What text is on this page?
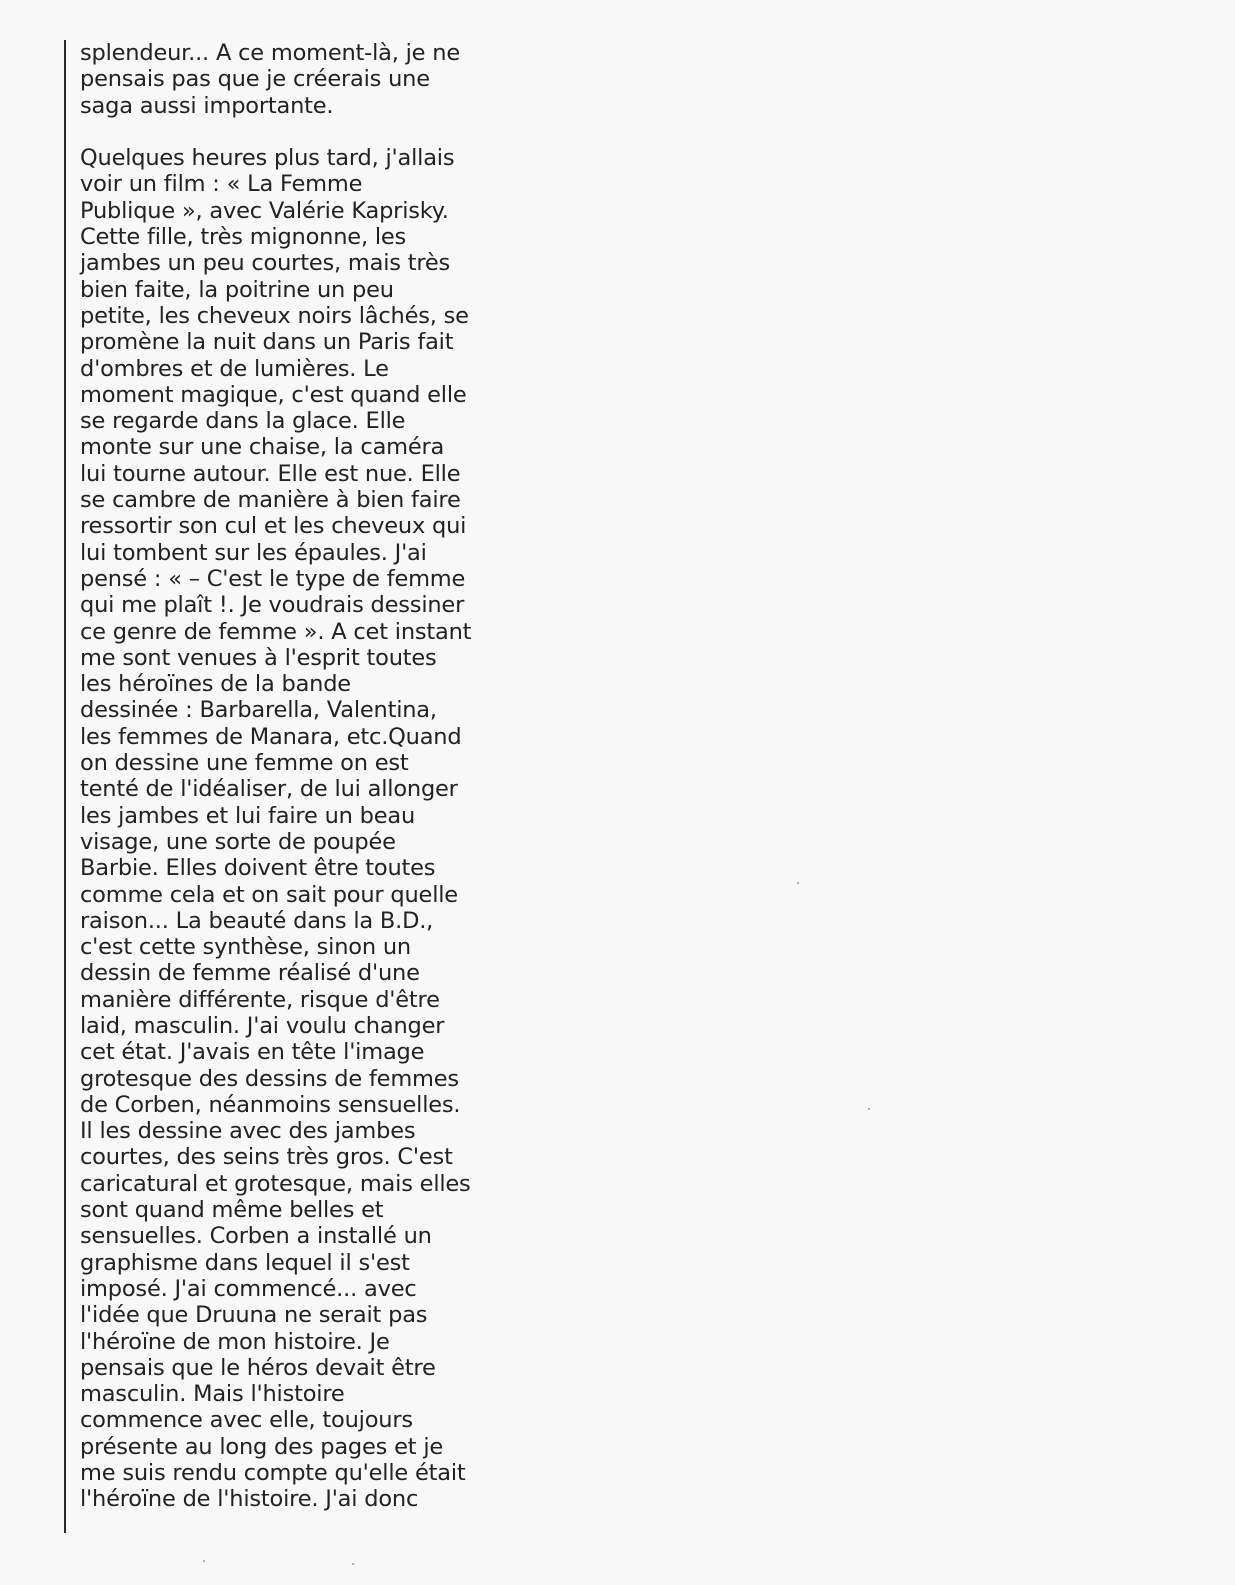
splendeur... A ce moment-là, je ne
pensais pas que je créerais une
saga aussi importante.
Quelques heures plus tard, j'allais
voir un film : « La Femme
Publique », avec Valérie Kaprisky.
Cette fille, très mignonne, les
jambes un peu courtes, mais très
bien faite, la poitrine un peu
petite, les cheveux noirs lâchés, se
promène la nuit dans un Paris fait
d'ombres et de lumières. Le
moment magique, c'est quand elle
se regarde dans la glace. Elle
monte sur une chaise, la caméra
lui tourne autour. Elle est nue. Elle
se cambre de manière à bien faire
ressortir son cul et les cheveux qui
lui tombent sur les épaules. J'ai
pensé : « – C'est le type de femme
qui me plaît !. Je voudrais dessiner
ce genre de femme ». A cet instant
me sont venues à l'esprit toutes
les héroïnes de la bande
dessinée : Barbarella, Valentina,
les femmes de Manara, etc.Quand
on dessine une femme on est
tenté de l'idéaliser, de lui allonger
les jambes et lui faire un beau
visage, une sorte de poupée
Barbie. Elles doivent être toutes
comme cela et on sait pour quelle
raison... La beauté dans la B.D.,
c'est cette synthèse, sinon un
dessin de femme réalisé d'une
manière différente, risque d'être
laid, masculin. J'ai voulu changer
cet état. J'avais en tête l'image
grotesque des dessins de femmes
de Corben, néanmoins sensuelles.
Il les dessine avec des jambes
courtes, des seins très gros. C'est
caricatural et grotesque, mais elles
sont quand même belles et
sensuelles. Corben a installé un
graphisme dans lequel il s'est
imposé. J'ai commencé... avec
l'idée que Druuna ne serait pas
l'héroïne de mon histoire. Je
pensais que le héros devait être
masculin. Mais l'histoire
commence avec elle, toujours
présente au long des pages et je
me suis rendu compte qu'elle était
l'héroïne de l'histoire. J'ai donc
